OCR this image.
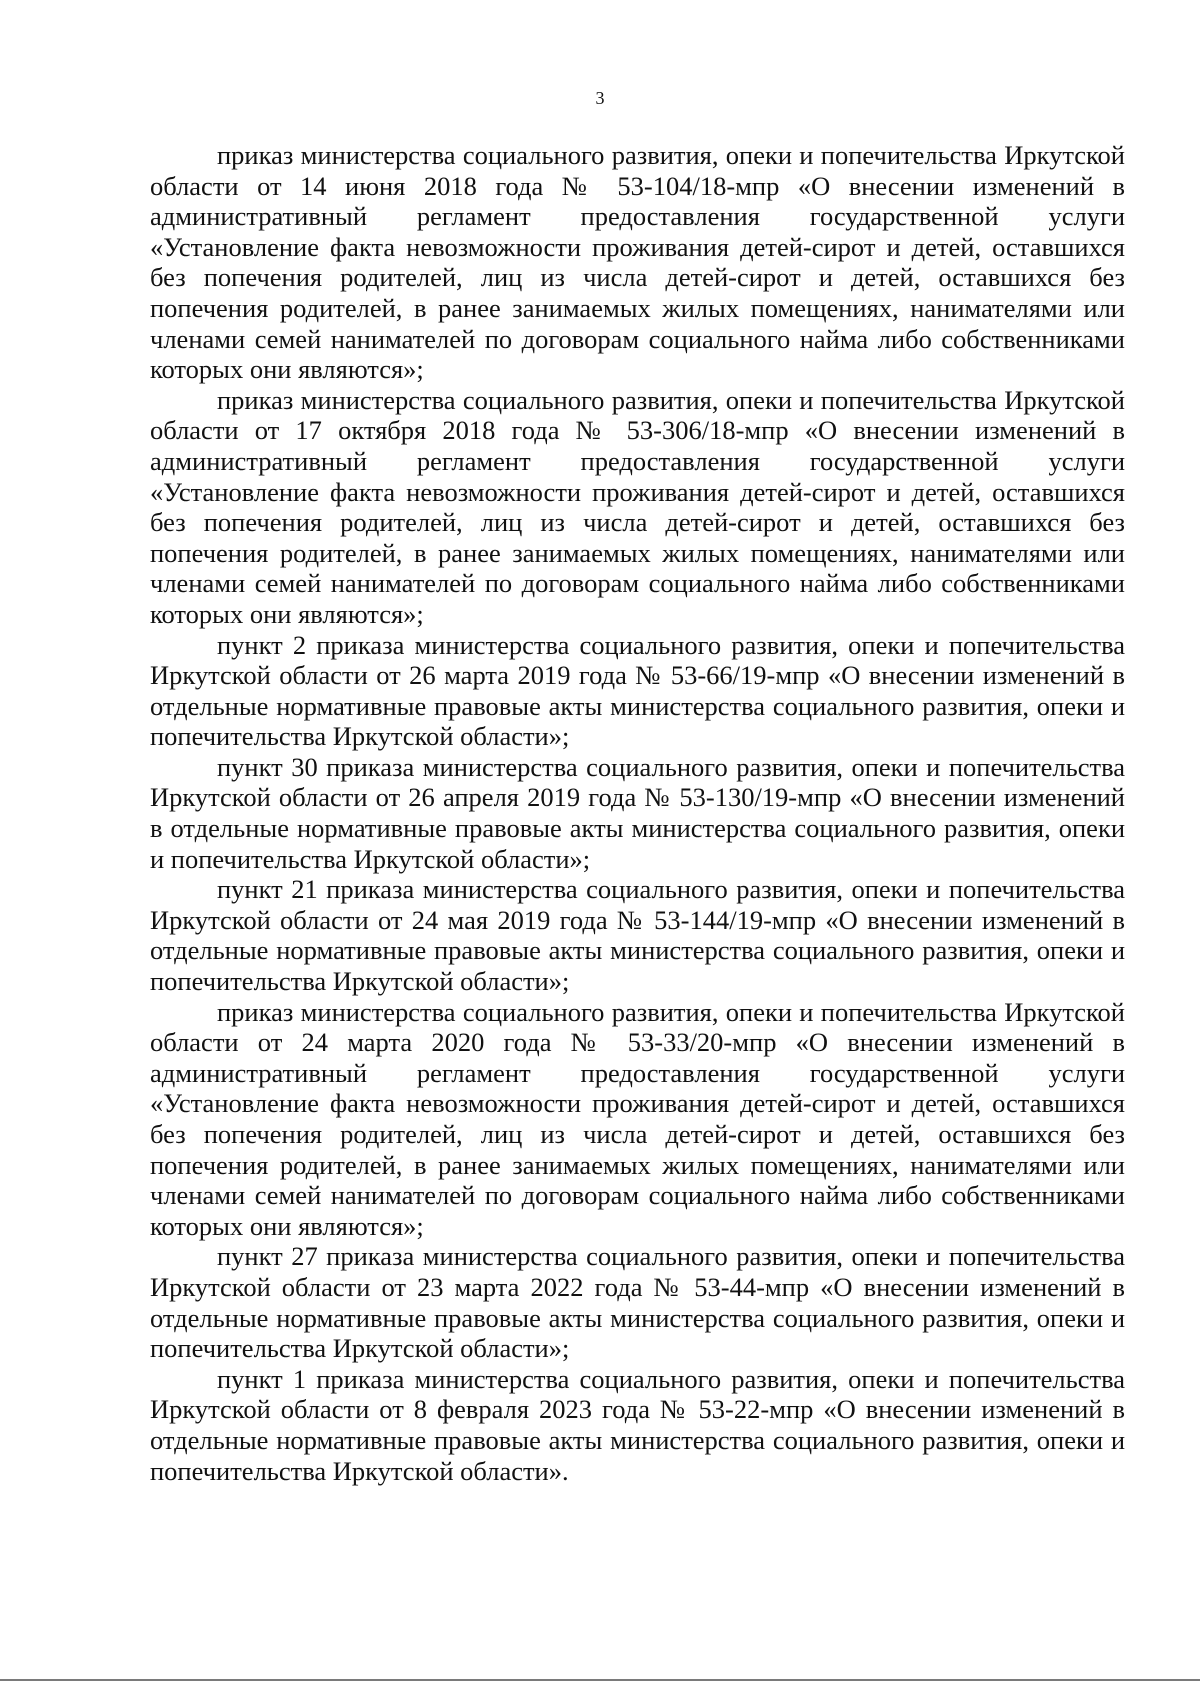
3

приказ министерства социального развития, опеки и попечительства Иркутской области от 14 июня 2018 года № 53-104/18-мпр «О внесении изменений в административный регламент предоставления государственной услуги «Установление факта невозможности проживания детей-сирот и детей, оставшихся без попечения родителей, лиц из числа детей-сирот и детей, оставшихся без попечения родителей, в ранее занимаемых жилых помещениях, нанимателями или членами семей нанимателей по договорам социального найма либо собственниками которых они являются»;

приказ министерства социального развития, опеки и попечительства Иркутской области от 17 октября 2018 года № 53-306/18-мпр «О внесении изменений в административный регламент предоставления государственной услуги «Установление факта невозможности проживания детей-сирот и детей, оставшихся без попечения родителей, лиц из числа детей-сирот и детей, оставшихся без попечения родителей, в ранее занимаемых жилых помещениях, нанимателями или членами семей нанимателей по договорам социального найма либо собственниками которых они являются»;

пункт 2 приказа министерства социального развития, опеки и попечительства Иркутской области от 26 марта 2019 года № 53-66/19-мпр «О внесении изменений в отдельные нормативные правовые акты министерства социального развития, опеки и попечительства Иркутской области»;

пункт 30 приказа министерства социального развития, опеки и попечительства Иркутской области от 26 апреля 2019 года № 53-130/19-мпр «О внесении изменений в отдельные нормативные правовые акты министерства социального развития, опеки и попечительства Иркутской области»;

пункт 21 приказа министерства социального развития, опеки и попечительства Иркутской области от 24 мая 2019 года № 53-144/19-мпр «О внесении изменений в отдельные нормативные правовые акты министерства социального развития, опеки и попечительства Иркутской области»;

приказ министерства социального развития, опеки и попечительства Иркутской области от 24 марта 2020 года № 53-33/20-мпр «О внесении изменений в административный регламент предоставления государственной услуги «Установление факта невозможности проживания детей-сирот и детей, оставшихся без попечения родителей, лиц из числа детей-сирот и детей, оставшихся без попечения родителей, в ранее занимаемых жилых помещениях, нанимателями или членами семей нанимателей по договорам социального найма либо собственниками которых они являются»;

пункт 27 приказа министерства социального развития, опеки и попечительства Иркутской области от 23 марта 2022 года № 53-44-мпр «О внесении изменений в отдельные нормативные правовые акты министерства социального развития, опеки и попечительства Иркутской области»;

пункт 1 приказа министерства социального развития, опеки и попечительства Иркутской области от 8 февраля 2023 года № 53-22-мпр «О внесении изменений в отдельные нормативные правовые акты министерства социального развития, опеки и попечительства Иркутской области».
